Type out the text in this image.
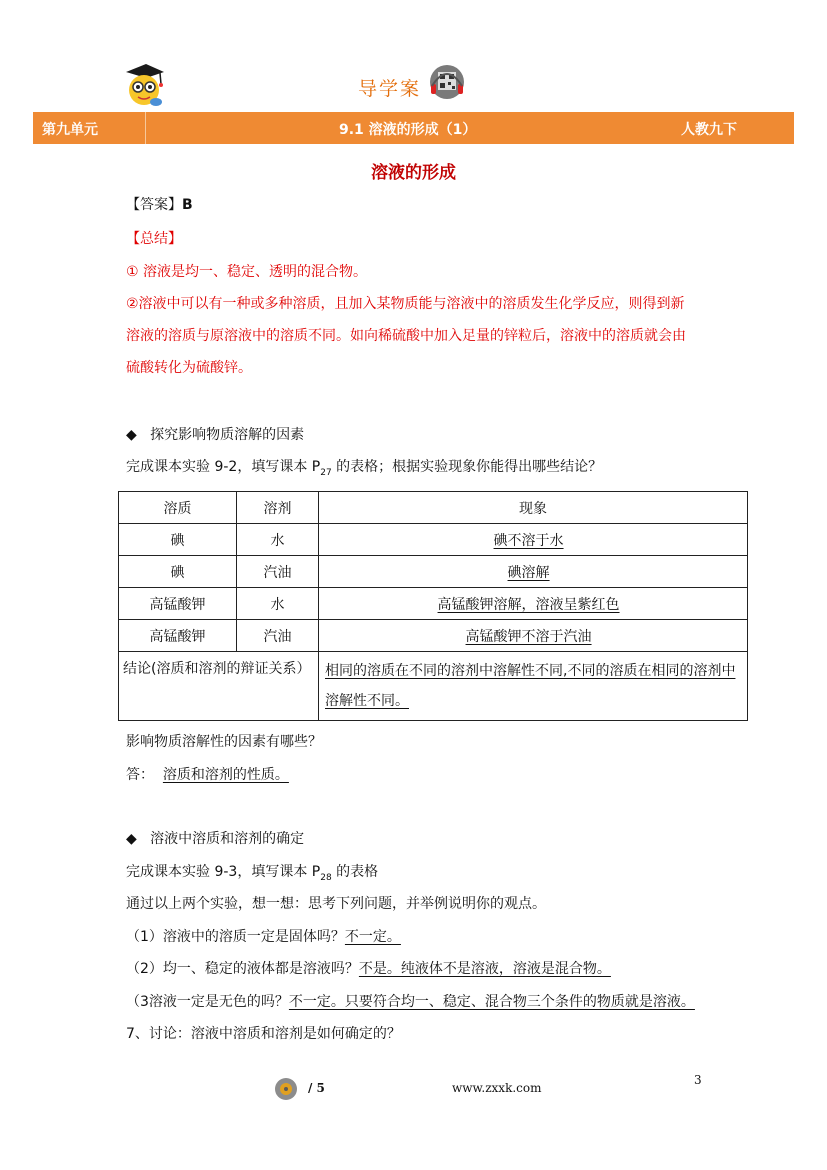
导学案
第九单元	9.1 溶液的形成（1）	人教九下
溶液的形成
【答案】B
【总结】
① 溶液是均一、稳定、透明的混合物。
②溶液中可以有一种或多种溶质，且加入某物质能与溶液中的溶质发生化学反应，则得到新
溶液的溶质与原溶液中的溶质不同。如向稀硫酸中加入足量的锌粒后，溶液中的溶质就会由
硫酸转化为硫酸锌。
◆ 探究影响物质溶解的因素
完成课本实验 9-2，填写课本 $P_{27}$ 的表格；根据实验现象你能得出哪些结论？
溶质	溶剂	现象
碘	水	碘不溶于水
碘	汽油	碘溶解
高锰酸钾	水	高锰酸钾溶解，溶液呈紫红色
高锰酸钾	汽油	高锰酸钾不溶于汽油
结论(溶质和溶剂的辩证关系）		相同的溶质在不同的溶剂中溶解性不同,不同的溶质在相同的溶剂中溶解性不同。
影响物质溶解性的因素有哪些？
答： 溶质和溶剂的性质。
◆ 溶液中溶质和溶剂的确定
完成课本实验 9-3，填写课本 $P_{28}$ 的表格
通过以上两个实验，想一想：思考下列问题，并举例说明你的观点。
（1）溶液中的溶质一定是固体吗？不一定。
（2）均一、稳定的液体都是溶液吗？不是。纯液体不是溶液，溶液是混合物。
（3溶液一定是无色的吗？不一定。只要符合均一、稳定、混合物三个条件的物质就是溶液。
7、讨论：溶液中溶质和溶剂是如何确定的？
/ 5	www.zxxk.com
3
